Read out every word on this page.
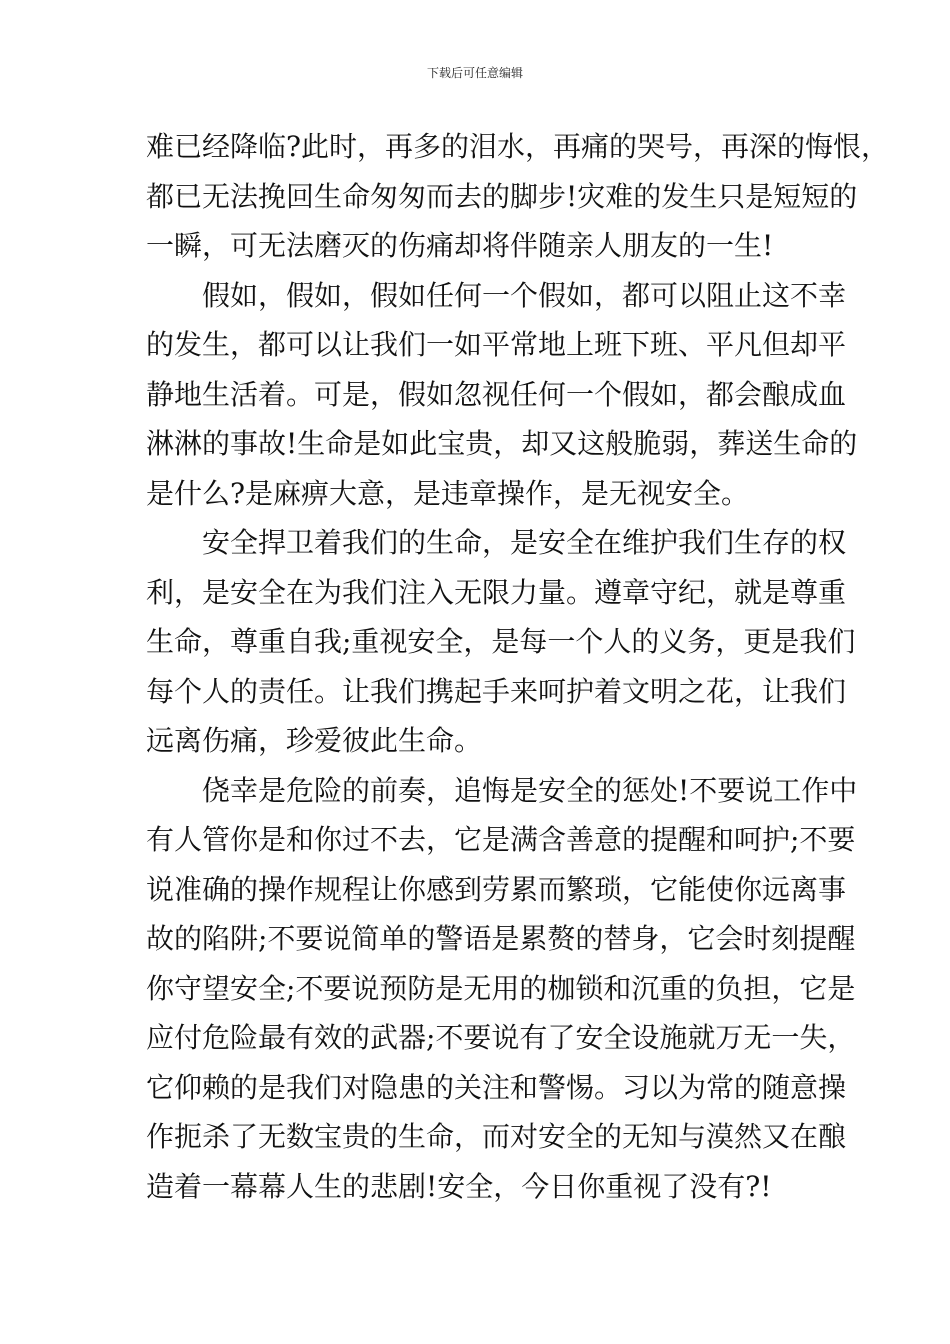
下载后可任意编辑
难已经降临?此时，再多的泪水，再痛的哭号，再深的悔恨，
都已无法挽回生命匆匆而去的脚步!灾难的发生只是短短的
一瞬，可无法磨灭的伤痛却将伴随亲人朋友的一生!
假如，假如，假如任何一个假如，都可以阻止这不幸
的发生，都可以让我们一如平常地上班下班、平凡但却平
静地生活着。可是，假如忽视任何一个假如，都会酿成血
淋淋的事故!生命是如此宝贵，却又这般脆弱，葬送生命的
是什么?是麻痹大意，是违章操作，是无视安全。
安全捍卫着我们的生命，是安全在维护我们生存的权
利，是安全在为我们注入无限力量。遵章守纪，就是尊重
生命，尊重自我;重视安全，是每一个人的义务，更是我们
每个人的责任。让我们携起手来呵护着文明之花，让我们
远离伤痛，珍爱彼此生命。
侥幸是危险的前奏，追悔是安全的惩处!不要说工作中
有人管你是和你过不去，它是满含善意的提醒和呵护;不要
说准确的操作规程让你感到劳累而繁琐，它能使你远离事
故的陷阱;不要说简单的警语是累赘的替身，它会时刻提醒
你守望安全;不要说预防是无用的枷锁和沉重的负担，它是
应付危险最有效的武器;不要说有了安全设施就万无一失，
它仰赖的是我们对隐患的关注和警惕。习以为常的随意操
作扼杀了无数宝贵的生命，而对安全的无知与漠然又在酿
造着一幕幕人生的悲剧!安全，今日你重视了没有?!
